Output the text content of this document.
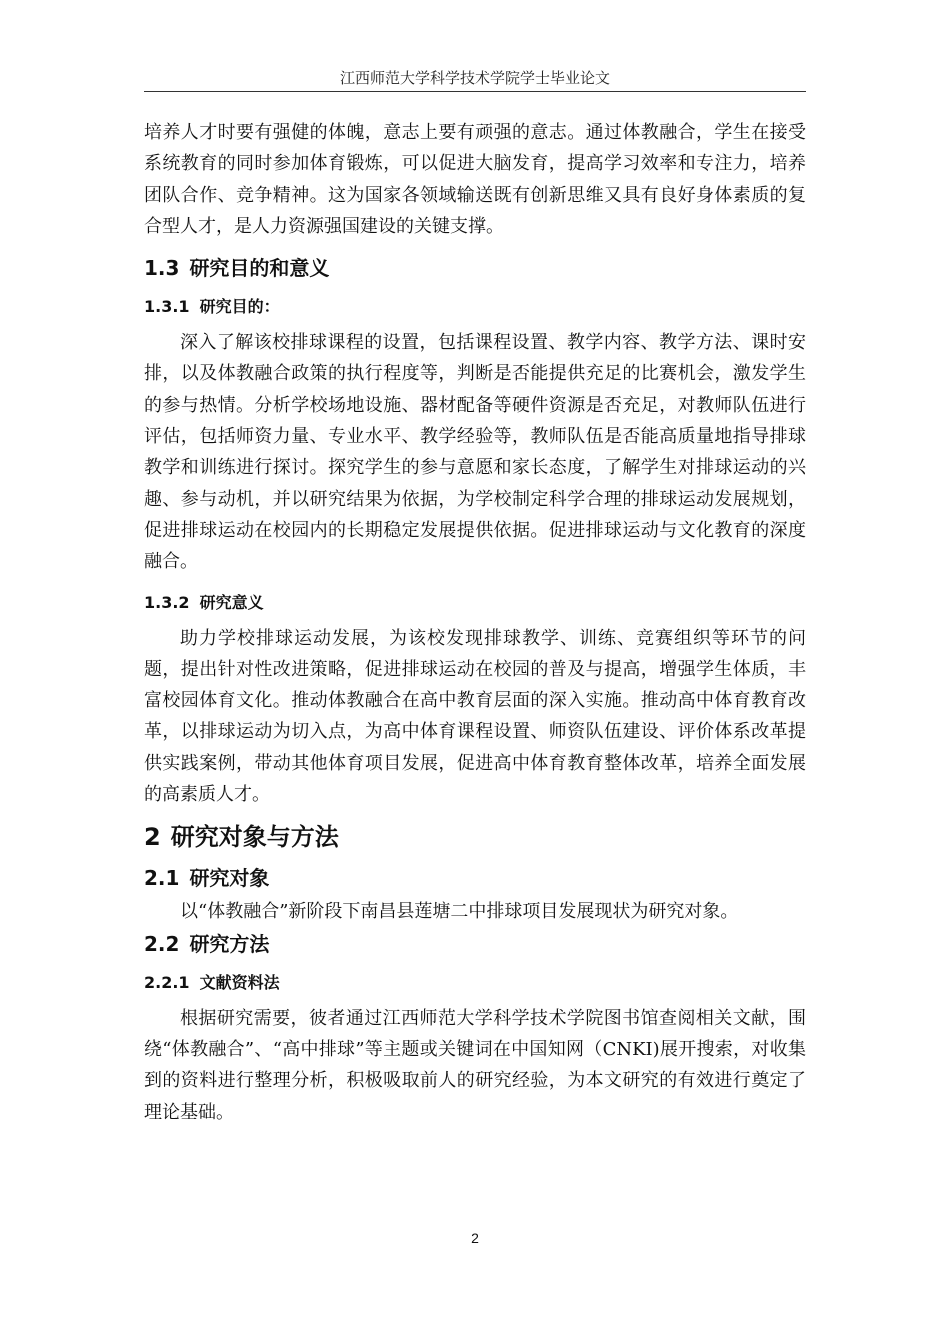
江西师范大学科学技术学院学士毕业论文

培养人才时要有强健的体魄，意志上要有顽强的意志。通过体教融合，学生在接受系统教育的同时参加体育锻炼，可以促进大脑发育，提高学习效率和专注力，培养团队合作、竞争精神。这为国家各领域输送既有创新思维又具有良好身体素质的复合型人才，是人力资源强国建设的关键支撑。

1.3 研究目的和意义
1.3.1 研究目的：

深入了解该校排球课程的设置，包括课程设置、教学内容、教学方法、课时安排，以及体教融合政策的执行程度等，判断是否能提供充足的比赛机会，激发学生的参与热情。分析学校场地设施、器材配备等硬件资源是否充足，对教师队伍进行评估，包括师资力量、专业水平、教学经验等，教师队伍是否能高质量地指导排球教学和训练进行探讨。探究学生的参与意愿和家长态度，了解学生对排球运动的兴趣、参与动机，并以研究结果为依据，为学校制定科学合理的排球运动发展规划，促进排球运动在校园内的长期稳定发展提供依据。促进排球运动与文化教育的深度融合。

1.3.2 研究意义

助力学校排球运动发展，为该校发现排球教学、训练、竞赛组织等环节的问题，提出针对性改进策略，促进排球运动在校园的普及与提高，增强学生体质，丰富校园体育文化。推动体教融合在高中教育层面的深入实施。推动高中体育教育改革，以排球运动为切入点，为高中体育课程设置、师资队伍建设、评价体系改革提供实践案例，带动其他体育项目发展，促进高中体育教育整体改革，培养全面发展的高素质人才。

2 研究对象与方法
2.1 研究对象

以“体教融合”新阶段下南昌县莲塘二中排球项目发展现状为研究对象。

2.2 研究方法
2.2.1 文献资料法

根据研究需要，彼者通过江西师范大学科学技术学院图书馆查阅相关文献，围绕“体教融合”、“高中排球”等主题或关键词在中国知网（CNKI)展开搜索，对收集到的资料进行整理分析，积极吸取前人的研究经验，为本文研究的有效进行奠定了理论基础。

2
